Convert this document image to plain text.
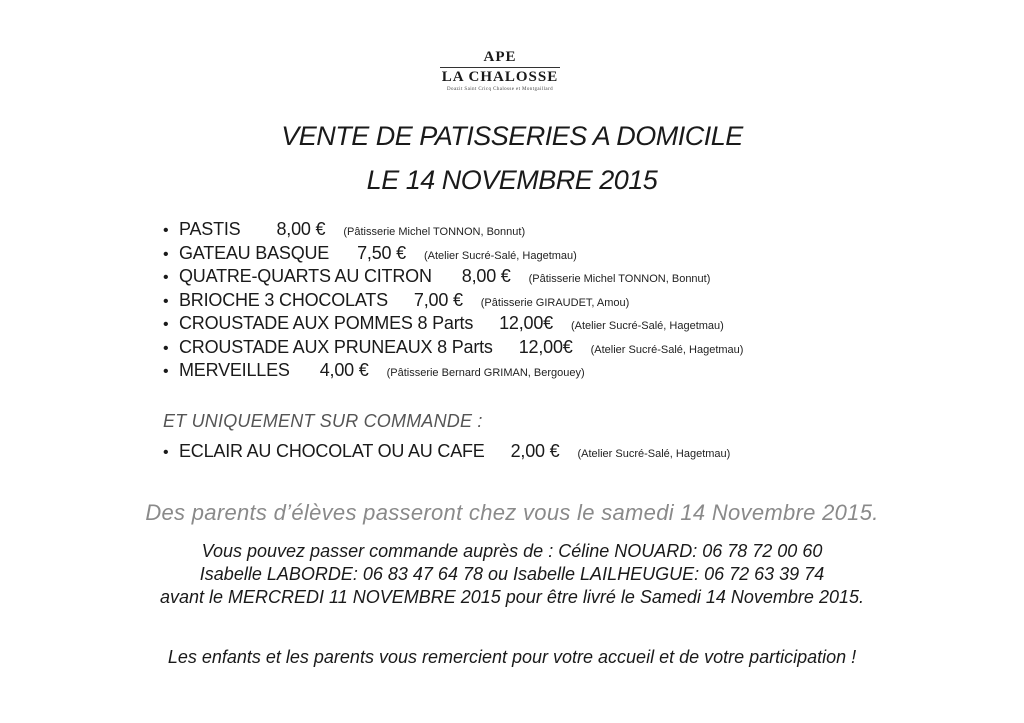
APE
LA CHALOSSE
Doazit Saint Cricq Chalosse et Montgaillard
VENTE DE PATISSERIES A DOMICILE
LE 14 NOVEMBRE 2015
• PASTIS 8,00 € (Pâtisserie Michel TONNON, Bonnut)
• GATEAU BASQUE 7,50 € (Atelier Sucré-Salé, Hagetmau)
• QUATRE-QUARTS AU CITRON 8,00 € (Pâtisserie Michel TONNON, Bonnut)
• BRIOCHE 3 CHOCOLATS 7,00 € (Pâtisserie GIRAUDET, Amou)
• CROUSTADE AUX POMMES 8 Parts 12,00€ (Atelier Sucré-Salé, Hagetmau)
• CROUSTADE AUX PRUNEAUX 8 Parts 12,00€ (Atelier Sucré-Salé, Hagetmau)
• MERVEILLES 4,00 € (Pâtisserie Bernard GRIMAN, Bergouey)
ET UNIQUEMENT SUR COMMANDE :
• ECLAIR AU CHOCOLAT OU AU CAFE 2,00 € (Atelier Sucré-Salé, Hagetmau)
Des parents d’élèves passeront chez vous le samedi 14 Novembre 2015.
Vous pouvez passer commande auprès de : Céline NOUARD: 06 78 72 00 60
Isabelle LABORDE: 06 83 47 64 78 ou Isabelle LAILHEUGUE: 06 72 63 39 74
avant le MERCREDI 11 NOVEMBRE 2015 pour être livré le Samedi 14 Novembre 2015.
Les enfants et les parents vous remercient pour votre accueil et de votre participation !
